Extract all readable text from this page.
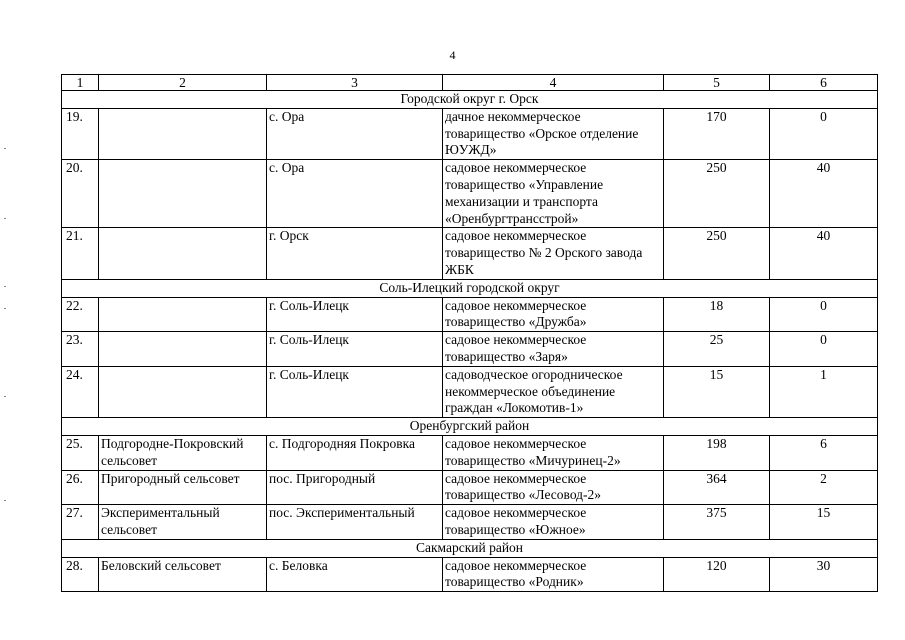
4
1	2	3	4	5	6
Городской округ г. Орск					
19.		с. Ора	дачное некоммерческое товарищество «Орское отделение ЮУЖД»	170	0
20.		с. Ора	садовое некоммерческое товарищество «Управление механизации и транспорта «Оренбургтрансстрой»	250	40
21.		г. Орск	садовое некоммерческое товарищество № 2 Орского завода ЖБК	250	40
Соль-Илецкий городской округ					
22.		г. Соль-Илецк	садовое некоммерческое товарищество «Дружба»	18	0
23.		г. Соль-Илецк	садовое некоммерческое товарищество «Заря»	25	0
24.		г. Соль-Илецк	садоводческое огородническое некоммерческое объединение граждан «Локомотив-1»	15	1
Оренбургский район					
25.	Подгородне-Покровский сельсовет	с. Подгородняя Покровка	садовое некоммерческое товарищество «Мичуринец-2»	198	6
26.	Пригородный сельсовет	пос. Пригородный	садовое некоммерческое товарищество «Лесовод-2»	364	2
27.	Экспериментальный сельсовет	пос. Экспериментальный	садовое некоммерческое товарищество «Южное»	375	15
Сакмарский район					
28.	Беловский сельсовет	с. Беловка	садовое некоммерческое товарищество «Родник»	120	30
